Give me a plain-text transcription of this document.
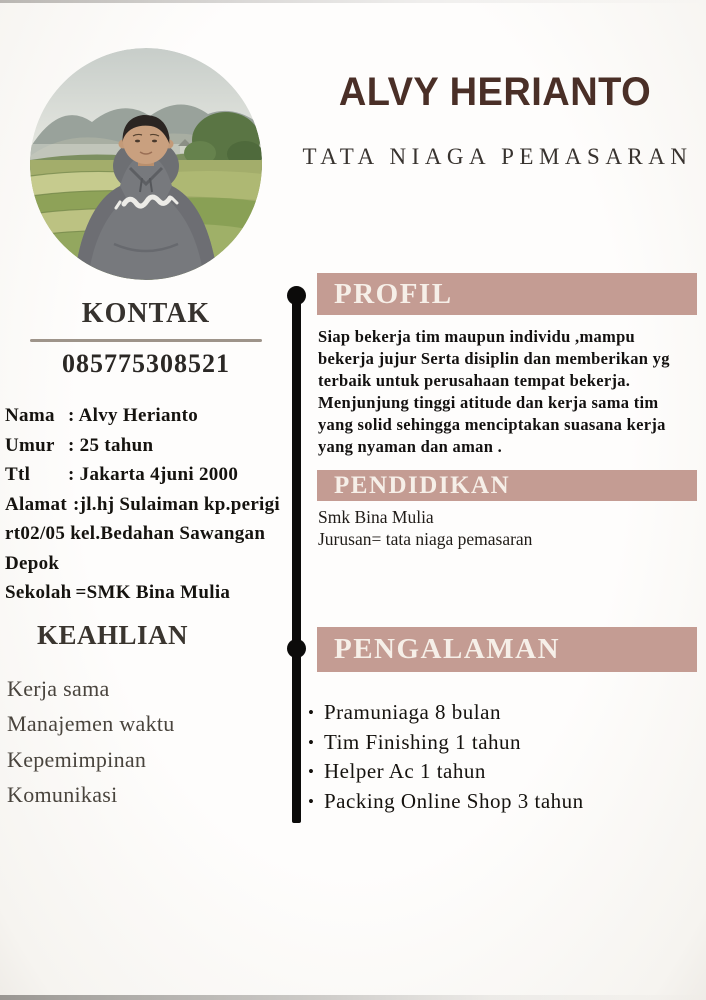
ALVY HERIANTO
TATA NIAGA PEMASARAN
KONTAK
085775308521
Nama : Alvy Herianto
Umur : 25 tahun
Ttl : Jakarta 4juni 2000
Alamat :jl.hj Sulaiman kp.perigi
rt02/05 kel.Bedahan Sawangan
Depok
Sekolah =SMK Bina Mulia
KEAHLIAN
Kerja sama
Manajemen waktu
Kepemimpinan
Komunikasi
PROFIL
Siap bekerja tim maupun individu ,mampu
bekerja jujur Serta disiplin dan memberikan yg
terbaik untuk perusahaan tempat bekerja.
Menjunjung tinggi atitude dan kerja sama tim
yang solid sehingga menciptakan suasana kerja
yang nyaman dan aman .
PENDIDIKAN
Smk Bina Mulia
Jurusan= tata niaga pemasaran
PENGALAMAN
• Pramuniaga 8 bulan
• Tim Finishing 1 tahun
• Helper Ac 1 tahun
• Packing Online Shop 3 tahun
